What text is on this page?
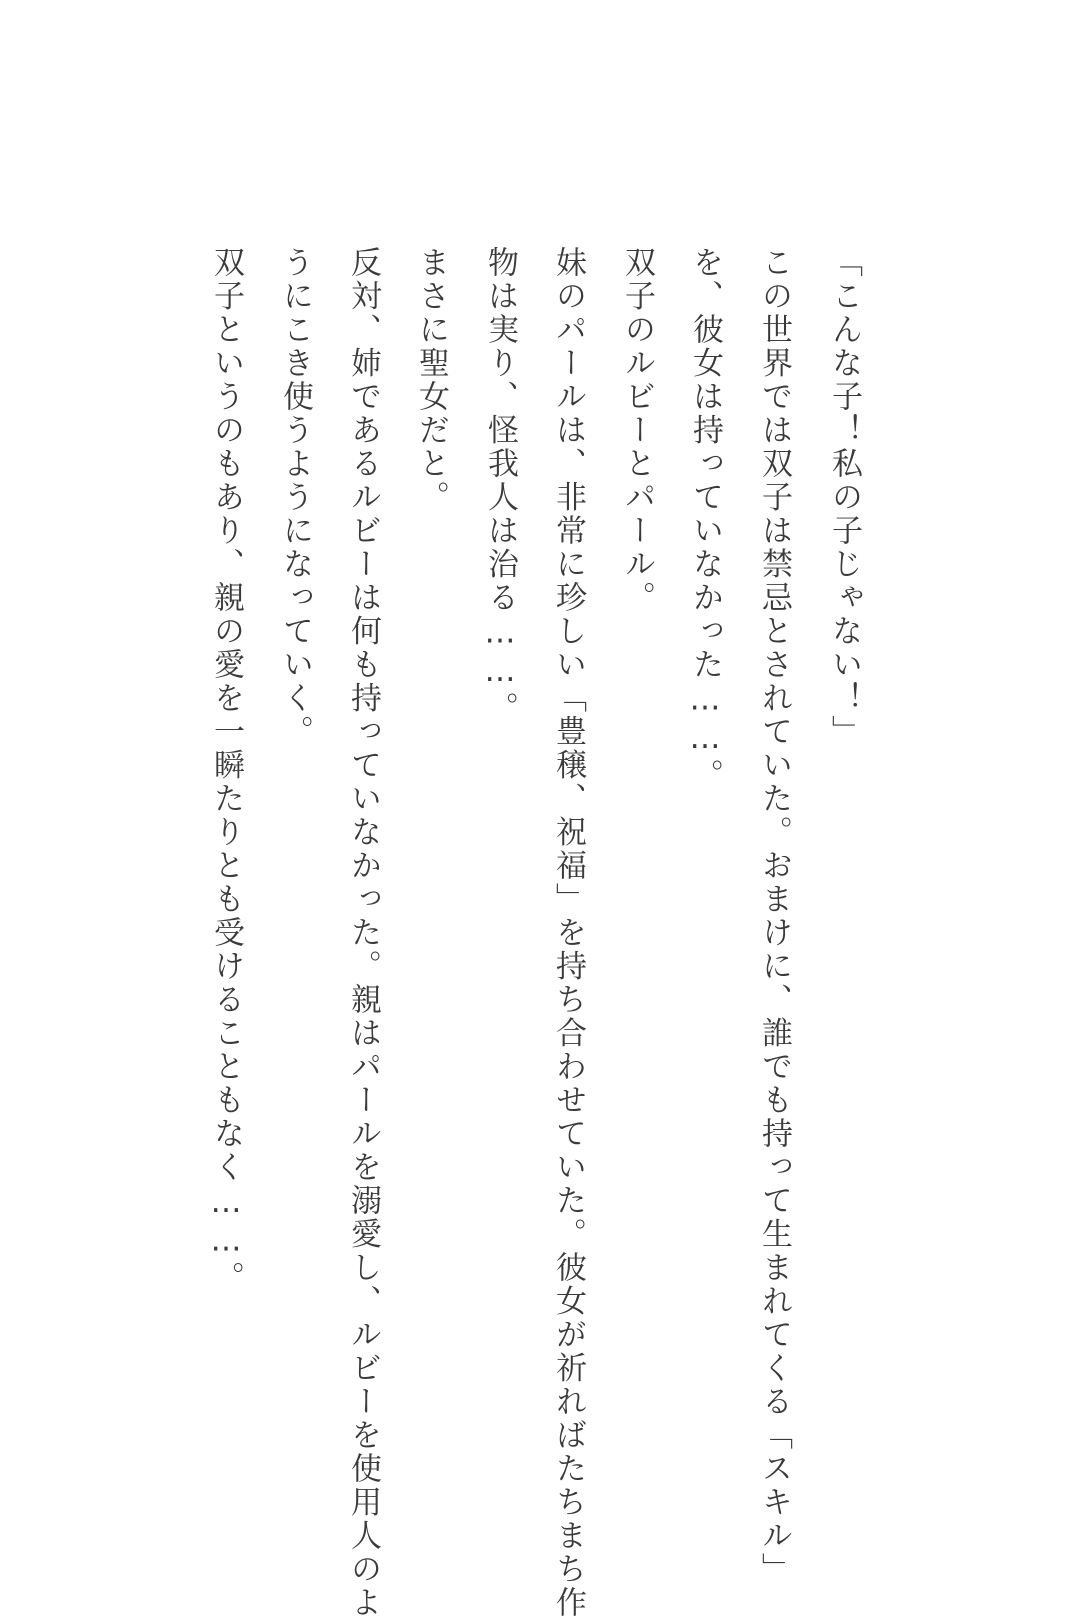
「こんな子！私の子じゃない！」
この世界では双子は禁忌とされていた。おまけに、誰でも持って生まれてくる「スキル」
を、彼女は持っていなかった……。
双子のルビーとパール。
妹のパールは、非常に珍しい「豊穣、祝福」を持ち合わせていた。彼女が祈ればたちまち作
物は実り、怪我人は治る……。
まさに聖女だと。
反対、姉であるルビーは何も持っていなかった。親はパールを溺愛し、ルビーを使用人のよ
うにこき使うようになっていく。
双子というのもあり、親の愛を一瞬たりとも受けることもなく……。
